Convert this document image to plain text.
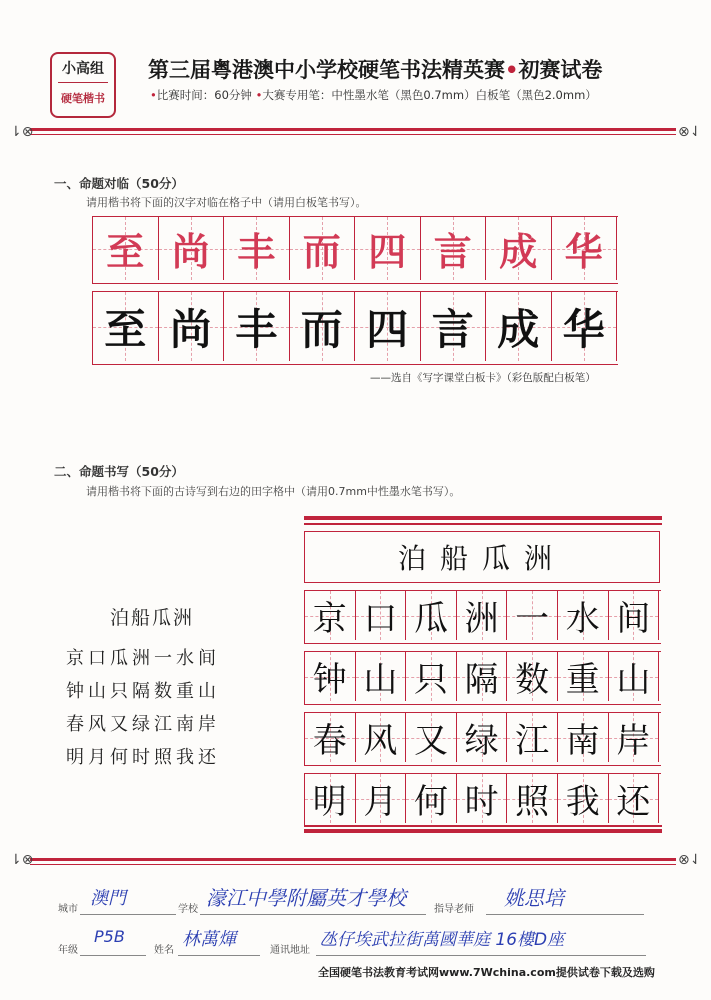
小高组
硬笔楷书
第三届粤港澳中小学校硬笔书法精英赛•初赛试卷
•比赛时间：60分钟 •大赛专用笔：中性墨水笔（黑色0.7mm）白板笔（黑色2.0mm）
⇂⊗	⊗⇃
一、命题对临（50分）
请用楷书将下面的汉字对临在格子中（请用白板笔书写）。
至 尚 丰 而 四 言 成 华
至 尚 丰 而 四 言 成 华
——选自《写字课堂白板卡》（彩色版配白板笔）
二、命题书写（50分）
请用楷书将下面的古诗写到右边的田字格中（请用0.7mm中性墨水笔书写）。
泊船瓜洲
京口瓜洲一水间
钟山只隔数重山
春风又绿江南岸
明月何时照我还
泊船瓜洲
京 口 瓜 洲 一 水 间
钟 山 只 隔 数 重 山
春 风 又 绿 江 南 岸
明 月 何 时 照 我 还
⇂⊗	⊗⇃
城市
澳門
学校 濠江中學附屬英才學校	指导老师 姚思培
年级
P5B
姓名
林萬煇
通讯地址
氹仔埃武拉街萬國華庭 16樓D座
全国硬笔书法教育考试网www.7Wchina.com提供试卷下载及选购
